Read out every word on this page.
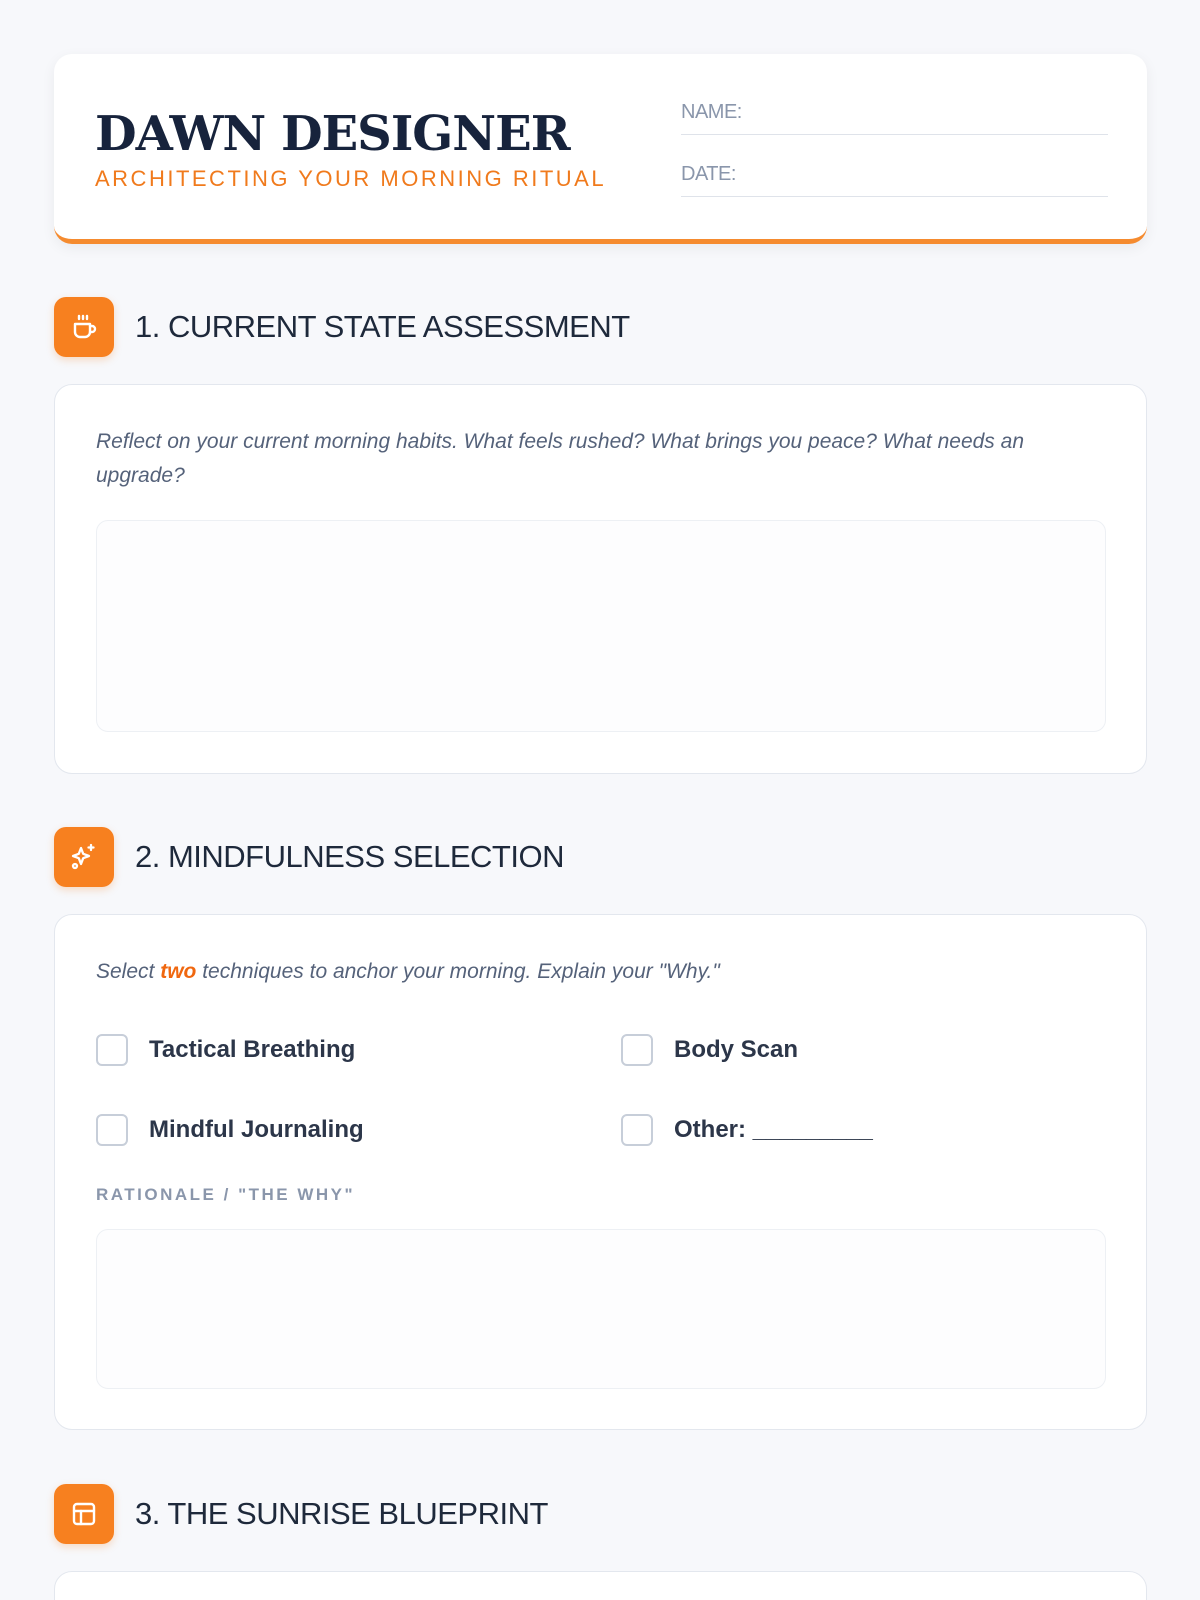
DAWN DESIGNER
ARCHITECTING YOUR MORNING RITUAL
NAME:
DATE:
1. CURRENT STATE ASSESSMENT
Reflect on your current morning habits. What feels rushed? What brings you peace? What needs an upgrade?
2. MINDFULNESS SELECTION
Select two techniques to anchor your morning. Explain your "Why."
Tactical Breathing	Body Scan
Mindful Journaling	Other: _________
RATIONALE / "THE WHY"
3. THE SUNRISE BLUEPRINT
